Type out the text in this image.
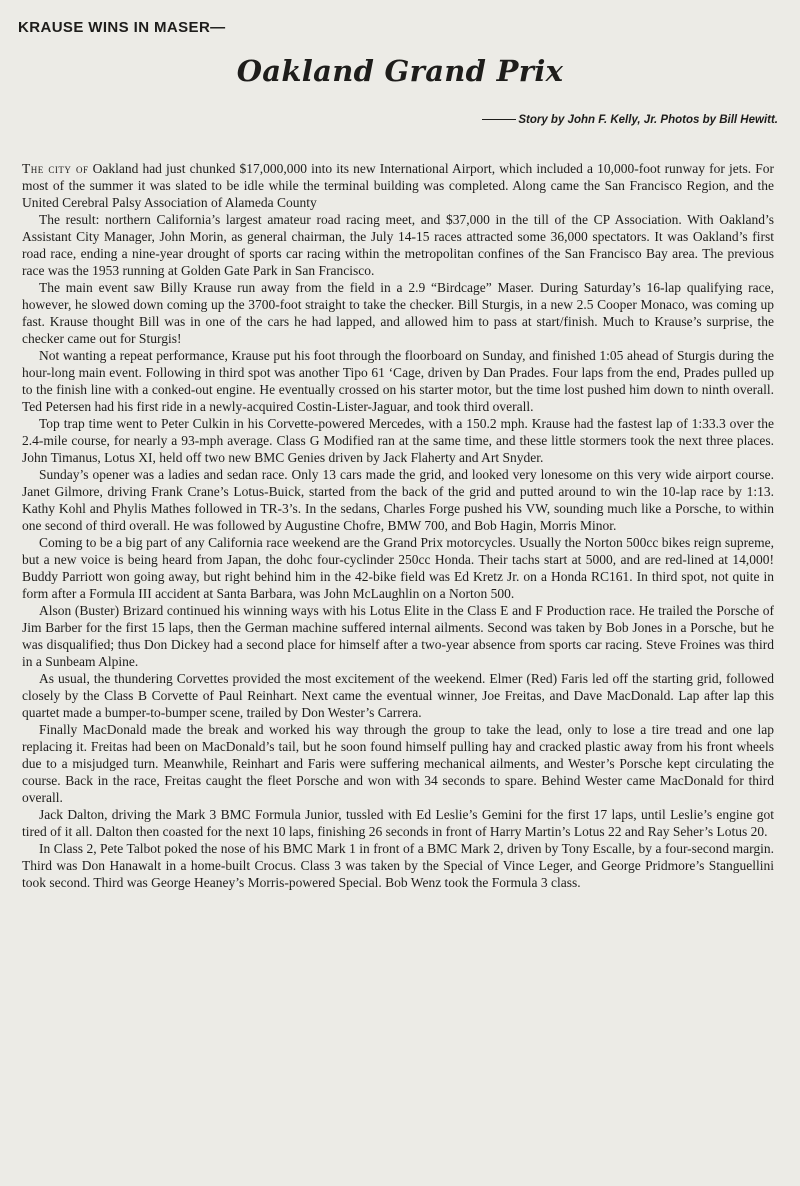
KRAUSE WINS IN MASER—
Oakland Grand Prix

Story by John F. Kelly, Jr. Photos by Bill Hewitt.

The city of Oakland had just chunked $17,000,000 into its new International Airport, which included a 10,000-foot runway for jets. For most of the summer it was slated to be idle while the terminal building was completed. Along came the San Francisco Region, and the United Cerebral Palsy Association of Alameda County

The result: northern California’s largest amateur road racing meet, and $37,000 in the till of the CP Association. With Oakland’s Assistant City Manager, John Morin, as general chairman, the July 14-15 races attracted some 36,000 spectators. It was Oakland’s first road race, ending a nine-year drought of sports car racing within the metropolitan confines of the San Francisco Bay area. The previous race was the 1953 running at Golden Gate Park in San Francisco.

The main event saw Billy Krause run away from the field in a 2.9 “Birdcage” Maser. During Saturday’s 16-lap qualifying race, however, he slowed down coming up the 3700-foot straight to take the checker. Bill Sturgis, in a new 2.5 Cooper Monaco, was coming up fast. Krause thought Bill was in one of the cars he had lapped, and allowed him to pass at start/finish. Much to Krause’s surprise, the checker came out for Sturgis!

Not wanting a repeat performance, Krause put his foot through the floorboard on Sunday, and finished 1:05 ahead of Sturgis during the hour-long main event. Following in third spot was another Tipo 61 ‘Cage, driven by Dan Prades. Four laps from the end, Prades pulled up to the finish line with a conked-out engine. He eventually crossed on his starter motor, but the time lost pushed him down to ninth overall. Ted Petersen had his first ride in a newly-acquired Costin-Lister-Jaguar, and took third overall.

Top trap time went to Peter Culkin in his Corvette-powered Mercedes, with a 150.2 mph. Krause had the fastest lap of 1:33.3 over the 2.4-mile course, for nearly a 93-mph average. Class G Modified ran at the same time, and these little stormers took the next three places. John Timanus, Lotus XI, held off two new BMC Genies driven by Jack Flaherty and Art Snyder.

Sunday’s opener was a ladies and sedan race. Only 13 cars made the grid, and looked very lonesome on this very wide airport course. Janet Gilmore, driving Frank Crane’s Lotus-Buick, started from the back of the grid and putted around to win the 10-lap race by 1:13. Kathy Kohl and Phylis Mathes followed in TR-3’s. In the sedans, Charles Forge pushed his VW, sounding much like a Porsche, to within one second of third overall. He was followed by Augustine Chofre, BMW 700, and Bob Hagin, Morris Minor.

Coming to be a big part of any California race weekend are the Grand Prix motorcycles. Usually the Norton 500cc bikes reign supreme, but a new voice is being heard from Japan, the dohc four-cyclinder 250cc Honda. Their tachs start at 5000, and are red-lined at 14,000! Buddy Parriott won going away, but right behind him in the 42-bike field was Ed Kretz Jr. on a Honda RC161. In third spot, not quite in form after a Formula III accident at Santa Barbara, was John McLaughlin on a Norton 500.

Alson (Buster) Brizard continued his winning ways with his Lotus Elite in the Class E and F Production race. He trailed the Porsche of Jim Barber for the first 15 laps, then the German machine suffered internal ailments. Second was taken by Bob Jones in a Porsche, but he was disqualified; thus Don Dickey had a second place for himself after a two-year absence from sports car racing. Steve Froines was third in a Sunbeam Alpine.

As usual, the thundering Corvettes provided the most excitement of the weekend. Elmer (Red) Faris led off the starting grid, followed closely by the Class B Corvette of Paul Reinhart. Next came the eventual winner, Joe Freitas, and Dave MacDonald. Lap after lap this quartet made a bumper-to-bumper scene, trailed by Don Wester’s Carrera.

Finally MacDonald made the break and worked his way through the group to take the lead, only to lose a tire tread and one lap replacing it. Freitas had been on MacDonald’s tail, but he soon found himself pulling hay and cracked plastic away from his front wheels due to a misjudged turn. Meanwhile, Reinhart and Faris were suffering mechanical ailments, and Wester’s Porsche kept circulating the course. Back in the race, Freitas caught the fleet Porsche and won with 34 seconds to spare. Behind Wester came MacDonald for third overall.

Jack Dalton, driving the Mark 3 BMC Formula Junior, tussled with Ed Leslie’s Gemini for the first 17 laps, until Leslie’s engine got tired of it all. Dalton then coasted for the next 10 laps, finishing 26 seconds in front of Harry Martin’s Lotus 22 and Ray Seher’s Lotus 20.

In Class 2, Pete Talbot poked the nose of his BMC Mark 1 in front of a BMC Mark 2, driven by Tony Escalle, by a four-second margin. Third was Don Hanawalt in a home-built Crocus. Class 3 was taken by the Special of Vince Leger, and George Pridmore’s Stanguellini took second. Third was George Heaney’s Morris-powered Special. Bob Wenz took the Formula 3 class.
